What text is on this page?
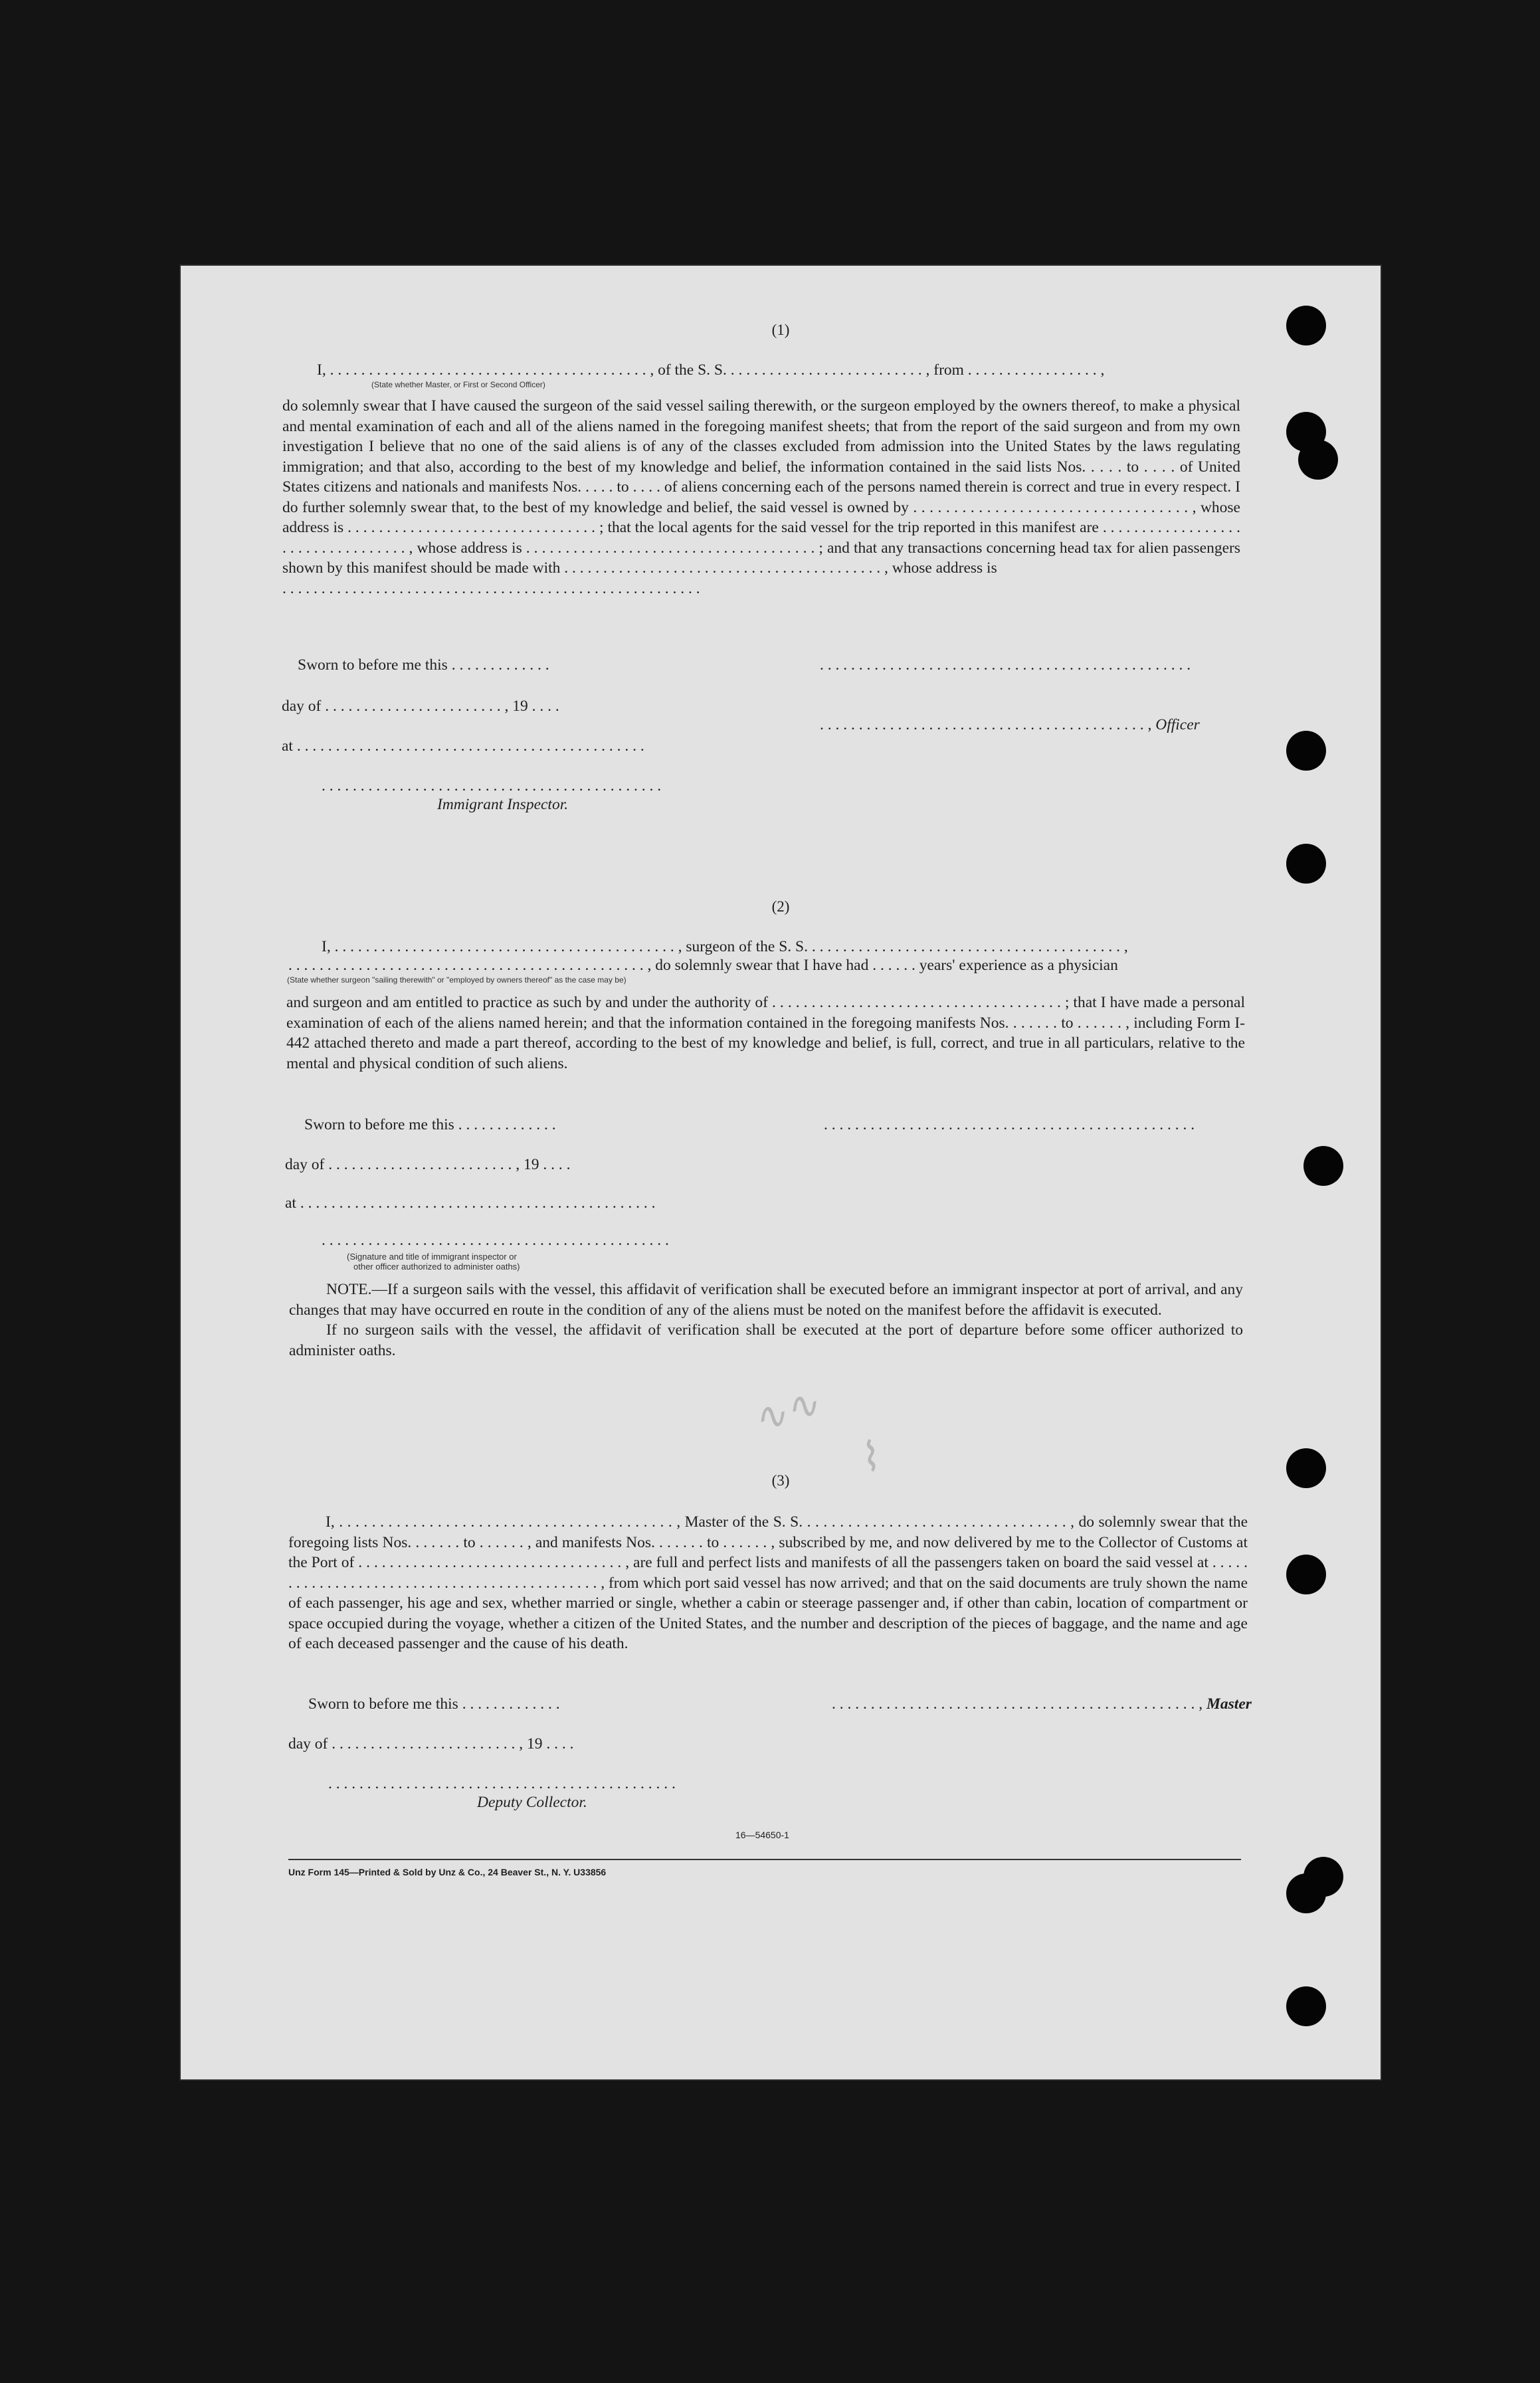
∿∿
⌇
(1)
I, . . . . . . . . . . . . . . . . . . . . . . . . . . . . . . . . . . . . . . . . . , of the S. S. . . . . . . . . . . . . . . . . . . . . . . . . . , from . . . . . . . . . . . . . . . . . ,
(State whether Master, or First or Second Officer)

do solemnly swear that I have caused the surgeon of the said vessel sailing therewith, or the surgeon employed by the owners thereof, to make a physical and mental examination of each and all of the aliens named in the foregoing manifest sheets; that from the report of the said surgeon and from my own investigation I believe that no one of the said aliens is of any of the classes excluded from admission into the United States by the laws regulating immigration; and that also, according to the best of my knowledge and belief, the information contained in the said lists Nos. . . . . to . . . . of United States citizens and nationals and manifests Nos. . . . . to . . . . of aliens concerning each of the persons named therein is correct and true in every respect. I do further solemnly swear that, to the best of my knowledge and belief, the said vessel is owned by . . . . . . . . . . . . . . . . . . . . . . . . . . . . . . . . . . , whose address is . . . . . . . . . . . . . . . . . . . . . . . . . . . . . . . . ; that the local agents for the said vessel for the trip reported in this manifest are . . . . . . . . . . . . . . . . . . . . . . . . . . . . . . . . . . , whose address is . . . . . . . . . . . . . . . . . . . . . . . . . . . . . . . . . . . . . ; and that any transactions concerning head tax for alien passengers shown by this manifest should be made with . . . . . . . . . . . . . . . . . . . . . . . . . . . . . . . . . . . . . . . . . , whose address is

. . . . . . . . . . . . . . . . . . . . . . . . . . . . . . . . . . . . . . . . . . . . . . . . . . . . . .

Sworn to before me this . . . . . . . . . . . . .	. . . . . . . . . . . . . . . . . . . . . . . . . . . . . . . . . . . . . . . . . . . . . . . .
day of . . . . . . . . . . . . . . . . . . . . . . . , 19 . . . .
. . . . . . . . . . . . . . . . . . . . . . . . . . . . . . . . . . . . . . . . . . , Officer
at . . . . . . . . . . . . . . . . . . . . . . . . . . . . . . . . . . . . . . . . . . . . .
. . . . . . . . . . . . . . . . . . . . . . . . . . . . . . . . . . . . . . . . . . . .
Immigrant Inspector.
(2)
I, . . . . . . . . . . . . . . . . . . . . . . . . . . . . . . . . . . . . . . . . . . . . , surgeon of the S. S. . . . . . . . . . . . . . . . . . . . . . . . . . . . . . . . . . . . . . . . . ,
. . . . . . . . . . . . . . . . . . . . . . . . . . . . . . . . . . . . . . . . . . . . . . , do solemnly swear that I have had . . . . . . years' experience as a physician
(State whether surgeon "sailing therewith" or "employed by owners thereof" as the case may be)
and surgeon and am entitled to practice as such by and under the authority of . . . . . . . . . . . . . . . . . . . . . . . . . . . . . . . . . . . . . ; that I have made a personal examination of each of the aliens named herein; and that the information contained in the foregoing manifests Nos. . . . . . . to . . . . . . , including Form I-442 attached thereto and made a part thereof, according to the best of my knowledge and belief, is full, correct, and true in all particulars, relative to the mental and physical condition of such aliens.
Sworn to before me this . . . . . . . . . . . . .	. . . . . . . . . . . . . . . . . . . . . . . . . . . . . . . . . . . . . . . . . . . . . . . .
day of . . . . . . . . . . . . . . . . . . . . . . . . , 19 . . . .
at . . . . . . . . . . . . . . . . . . . . . . . . . . . . . . . . . . . . . . . . . . . . . .
. . . . . . . . . . . . . . . . . . . . . . . . . . . . . . . . . . . . . . . . . . . . .
(Signature and title of immigrant inspector or
other officer authorized to administer oaths)

NOTE.—If a surgeon sails with the vessel, this affidavit of verification shall be executed before an immigrant inspector at port of arrival, and any changes that may have occurred en route in the condition of any of the aliens must be noted on the manifest before the affidavit is executed.

If no surgeon sails with the vessel, the affidavit of verification shall be executed at the port of departure before some officer authorized to administer oaths.

(3)
I, . . . . . . . . . . . . . . . . . . . . . . . . . . . . . . . . . . . . . . . . . , Master of the S. S. . . . . . . . . . . . . . . . . . . . . . . . . . . . . . . . . , do solemnly swear that the foregoing lists Nos. . . . . . . to . . . . . . , and manifests Nos. . . . . . . to . . . . . . , subscribed by me, and now delivered by me to the Collector of Customs at the Port of . . . . . . . . . . . . . . . . . . . . . . . . . . . . . . . . . . , are full and perfect lists and manifests of all the passengers taken on board the said vessel at . . . . . . . . . . . . . . . . . . . . . . . . . . . . . . . . . . . . . . . . . . . . . , from which port said vessel has now arrived; and that on the said documents are truly shown the name of each passenger, his age and sex, whether married or single, whether a cabin or steerage passenger and, if other than cabin, location of compartment or space occupied during the voyage, whether a citizen of the United States, and the number and description of the pieces of baggage, and the name and age of each deceased passenger and the cause of his death.
Sworn to before me this . . . . . . . . . . . . .	. . . . . . . . . . . . . . . . . . . . . . . . . . . . . . . . . . . . . . . . . . . . . . . , Master
day of . . . . . . . . . . . . . . . . . . . . . . . . , 19 . . . .
. . . . . . . . . . . . . . . . . . . . . . . . . . . . . . . . . . . . . . . . . . . . .
Deputy Collector.
16—54650-1
Unz Form 145—Printed & Sold by Unz & Co., 24 Beaver St., N. Y. U33856
